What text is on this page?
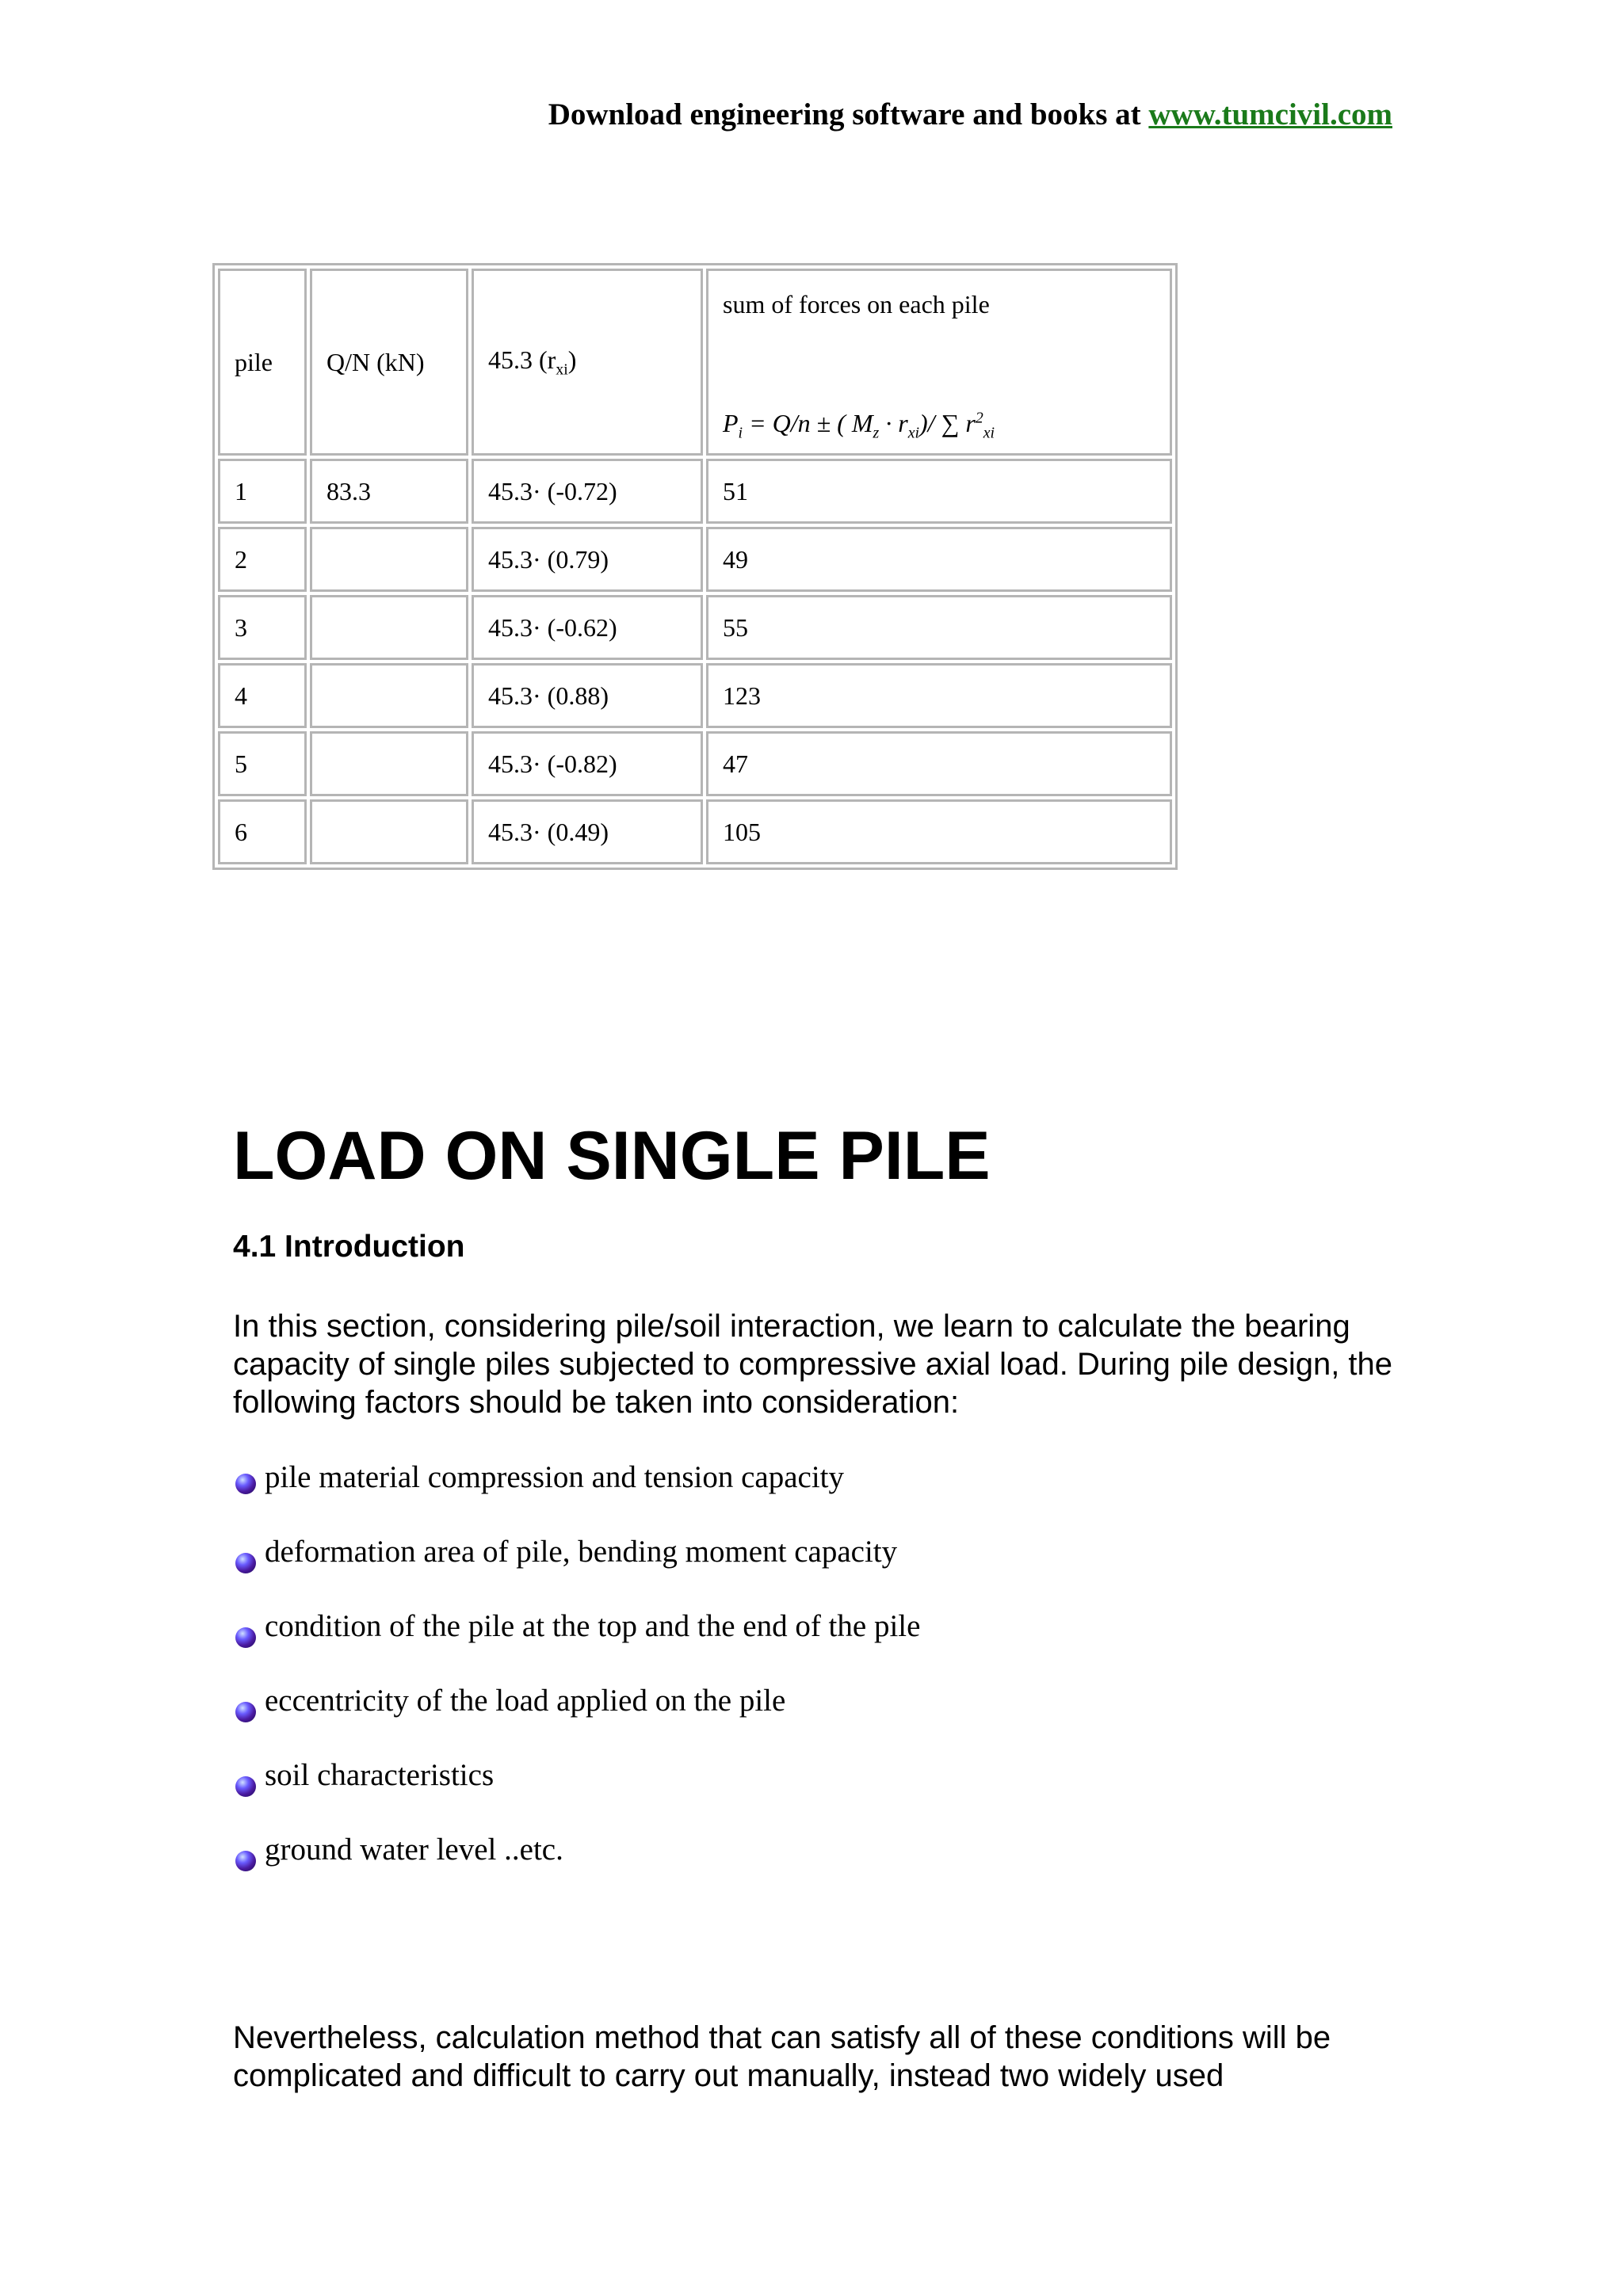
Download engineering software and books at www.tumcivil.com
pile	Q/N (kN)	45.3 $(r_{xi})$	sum of forces on each pile
$P_i = Q/n$ ± ( $M_z \cdot r_{xi})/$ ∑ $r^2_{xi}$

1	83.3	45.3· (-0.72)	51
2		45.3· (0.79)	49
3		45.3· (-0.62)	55
4		45.3· (0.88)	123
5		45.3· (-0.82)	47
6		45.3· (0.49)	105
LOAD ON SINGLE PILE
4.1 Introduction

In this section, considering pile/soil interaction, we learn to calculate the bearing capacity of single piles subjected to compressive axial load. During pile design, the following factors should be taken into consideration:

pile material compression and tension capacity
deformation area of pile, bending moment capacity
condition of the pile at the top and the end of the pile
eccentricity of the load applied on the pile
soil characteristics
ground water level ..etc.

Nevertheless, calculation method that can satisfy all of these conditions will be complicated and difficult to carry out manually, instead two widely used
